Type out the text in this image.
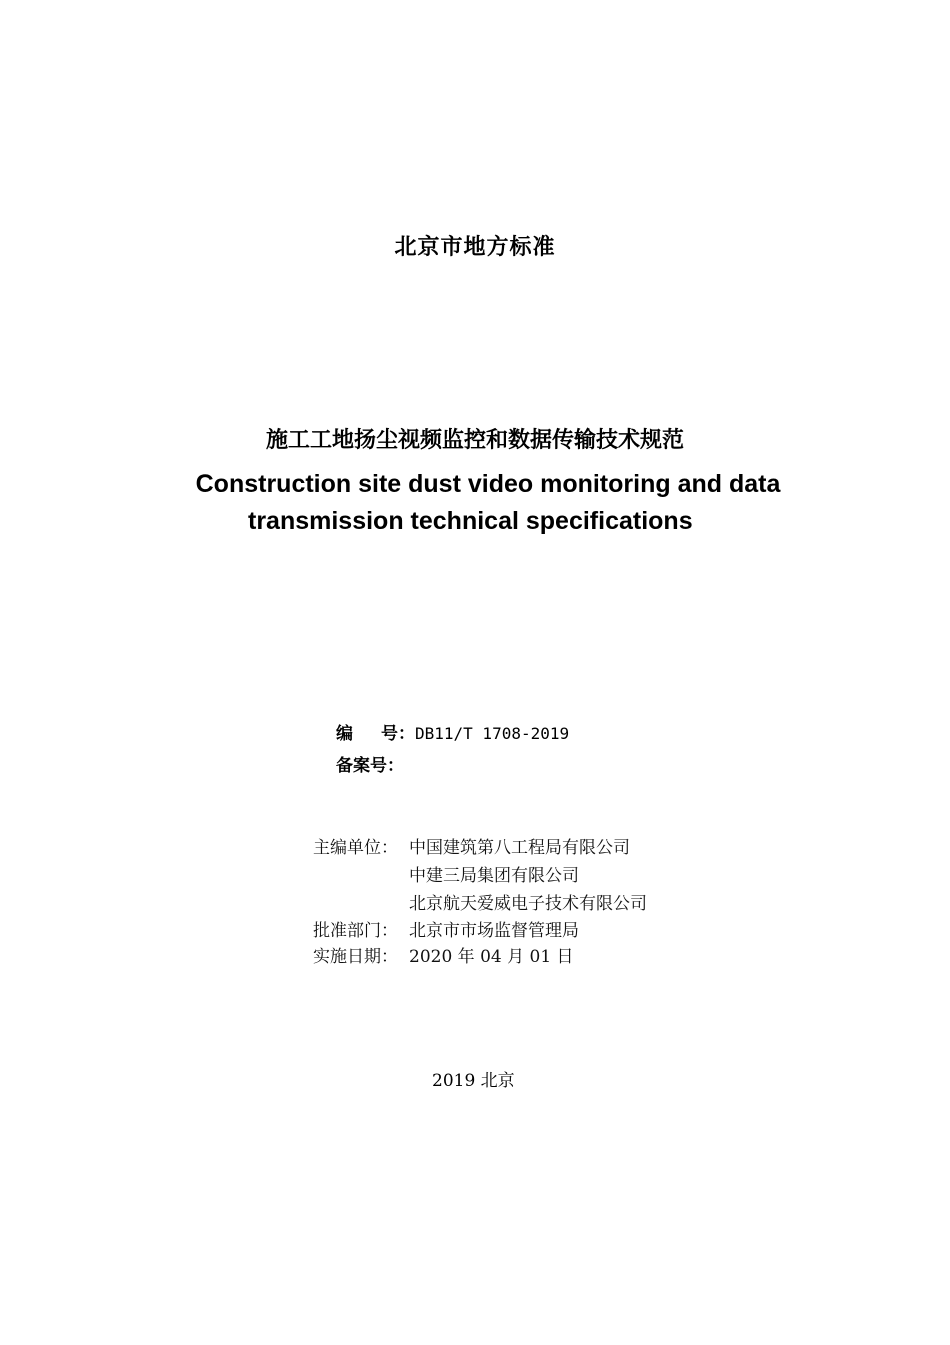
北京市地方标准
施工工地扬尘视频监控和数据传输技术规范
Construction site dust video monitoring and data
transmission technical specifications
编 号：DB11/T 1708-2019
备案号：
主编单位： 中国建筑第八工程局有限公司
中建三局集团有限公司
北京航天爱威电子技术有限公司
批准部门： 北京市市场监督管理局
实施日期： 2020 年 04 月 01 日
2019 北京
